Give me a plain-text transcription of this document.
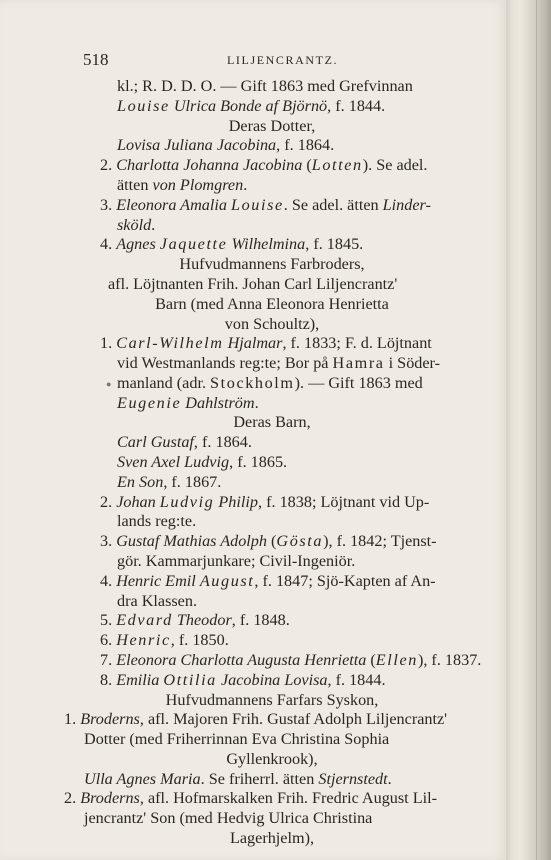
518	LILJENCRANTZ.
●
kl.; R. D. D. O. — Gift 1863 med Grefvinnan
Louise Ulrica Bonde af Björnö, f. 1844.
Deras Dotter,
Lovisa Juliana Jacobina, f. 1864.
2. Charlotta Johanna Jacobina (Lotten). Se adel.
ätten von Plomgren.
3. Eleonora Amalia Louise. Se adel. ätten Linder-
sköld.
4. Agnes Jaquette Wilhelmina, f. 1845.
Hufvudmannens Farbroders,
afl. Löjtnanten Frih. Johan Carl Liljencrantz'
Barn (med Anna Eleonora Henrietta
von Schoultz),
1. Carl-Wilhelm Hjalmar, f. 1833; F. d. Löjtnant
vid Westmanlands reg:te; Bor på Hamra i Söder-
manland (adr. Stockholm). — Gift 1863 med
Eugenie Dahlström.
Deras Barn,
Carl Gustaf, f. 1864.
Sven Axel Ludvig, f. 1865.
En Son, f. 1867.
2. Johan Ludvig Philip, f. 1838; Löjtnant vid Up-
lands reg:te.
3. Gustaf Mathias Adolph (Gösta), f. 1842; Tjenst-
gör. Kammarjunkare; Civil-Ingeniör.
4. Henric Emil August, f. 1847; Sjö-Kapten af An-
dra Klassen.
5. Edvard Theodor, f. 1848.
6. Henric, f. 1850.
7. Eleonora Charlotta Augusta Henrietta (Ellen), f. 1837.
8. Emilia Ottilia Jacobina Lovisa, f. 1844.
Hufvudmannens Farfars Syskon,
1. Broderns, afl. Majoren Frih. Gustaf Adolph Liljencrantz'
Dotter (med Friherrinnan Eva Christina Sophia
Gyllenkrook),
Ulla Agnes Maria. Se friherrl. ätten Stjernstedt.
2. Broderns, afl. Hofmarskalken Frih. Fredric August Lil-
jencrantz' Son (med Hedvig Ulrica Christina
Lagerhjelm),
